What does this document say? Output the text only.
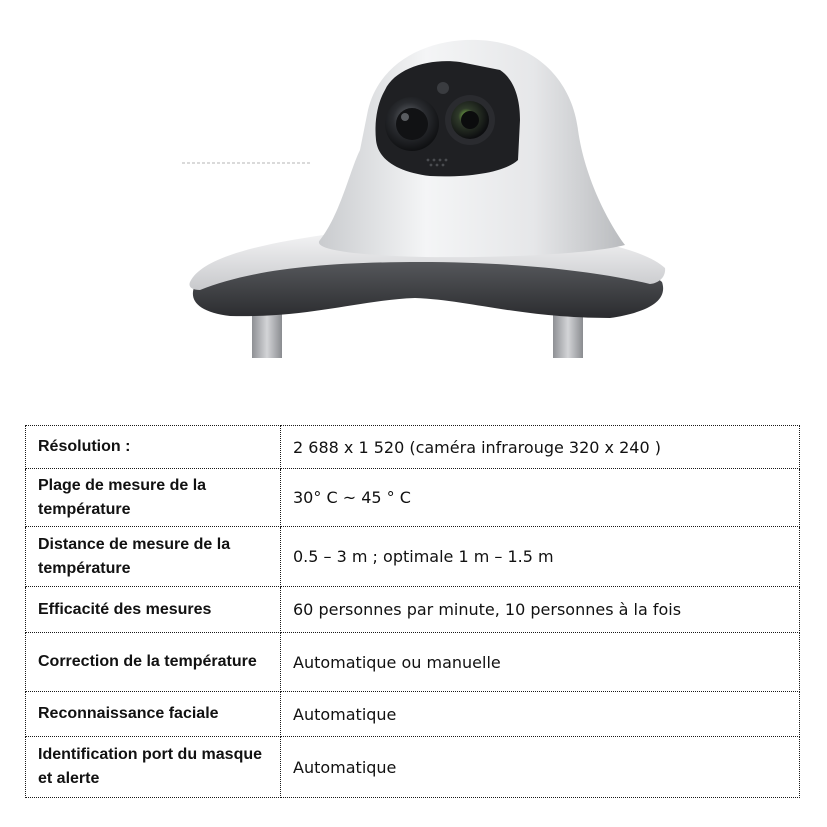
Résolution :	2 688 x 1 520 (caméra infrarouge 320 x 240 )
Plage de mesure de la température	30° C ~ 45 ° C
Distance de mesure de la température	0.5 – 3 m ; optimale 1 m – 1.5 m
Efficacité des mesures	60 personnes par minute, 10 personnes à la fois
Correction de la température	Automatique ou manuelle
Reconnaissance faciale	Automatique
Identification port du masque et alerte	Automatique
